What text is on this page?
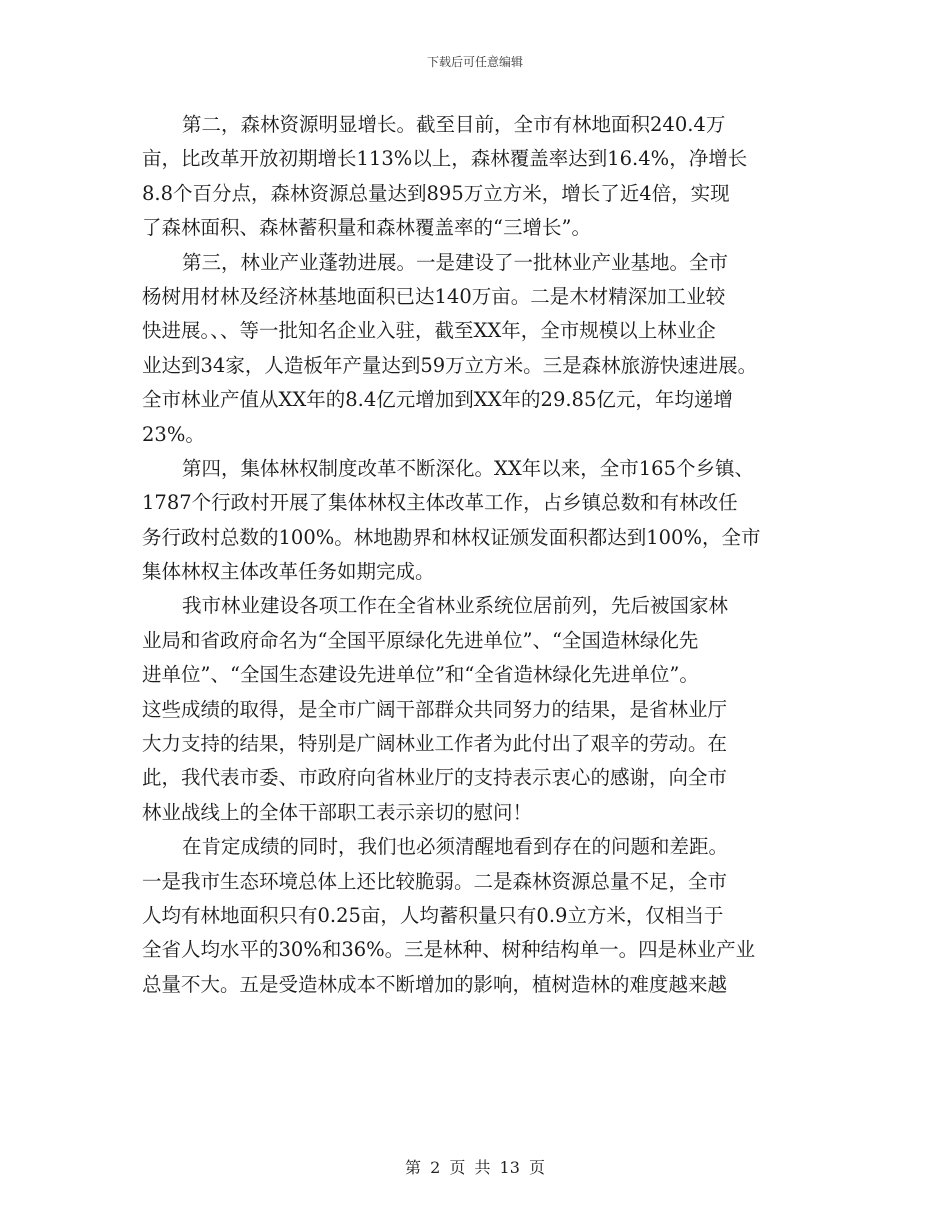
下载后可任意编辑
第二，森林资源明显增长。截至目前，全市有林地面积240.4万
亩，比改革开放初期增长113%以上，森林覆盖率达到16.4%，净增长
8.8个百分点，森林资源总量达到895万立方米，增长了近4倍，实现
了森林面积、森林蓄积量和森林覆盖率的“三增长”。
第三，林业产业蓬勃进展。一是建设了一批林业产业基地。全市
杨树用材林及经济林基地面积已达140万亩。二是木材精深加工业较
快进展。、、等一批知名企业入驻，截至XX年，全市规模以上林业企
业达到34家，人造板年产量达到59万立方米。三是森林旅游快速进展。
全市林业产值从XX年的8.4亿元增加到XX年的29.85亿元，年均递增
23%。
第四，集体林权制度改革不断深化。XX年以来，全市165个乡镇、
1787个行政村开展了集体林权主体改革工作，占乡镇总数和有林改任
务行政村总数的100%。林地勘界和林权证颁发面积都达到100%，全市
集体林权主体改革任务如期完成。
我市林业建设各项工作在全省林业系统位居前列，先后被国家林
业局和省政府命名为“全国平原绿化先进单位”、“全国造林绿化先
进单位”、“全国生态建设先进单位”和“全省造林绿化先进单位”。
这些成绩的取得，是全市广阔干部群众共同努力的结果，是省林业厅
大力支持的结果，特别是广阔林业工作者为此付出了艰辛的劳动。在
此，我代表市委、市政府向省林业厅的支持表示衷心的感谢，向全市
林业战线上的全体干部职工表示亲切的慰问！
在肯定成绩的同时，我们也必须清醒地看到存在的问题和差距。
一是我市生态环境总体上还比较脆弱。二是森林资源总量不足，全市
人均有林地面积只有0.25亩，人均蓄积量只有0.9立方米，仅相当于
全省人均水平的30%和36%。三是林种、树种结构单一。四是林业产业
总量不大。五是受造林成本不断增加的影响，植树造林的难度越来越
第 2 页 共 13 页
